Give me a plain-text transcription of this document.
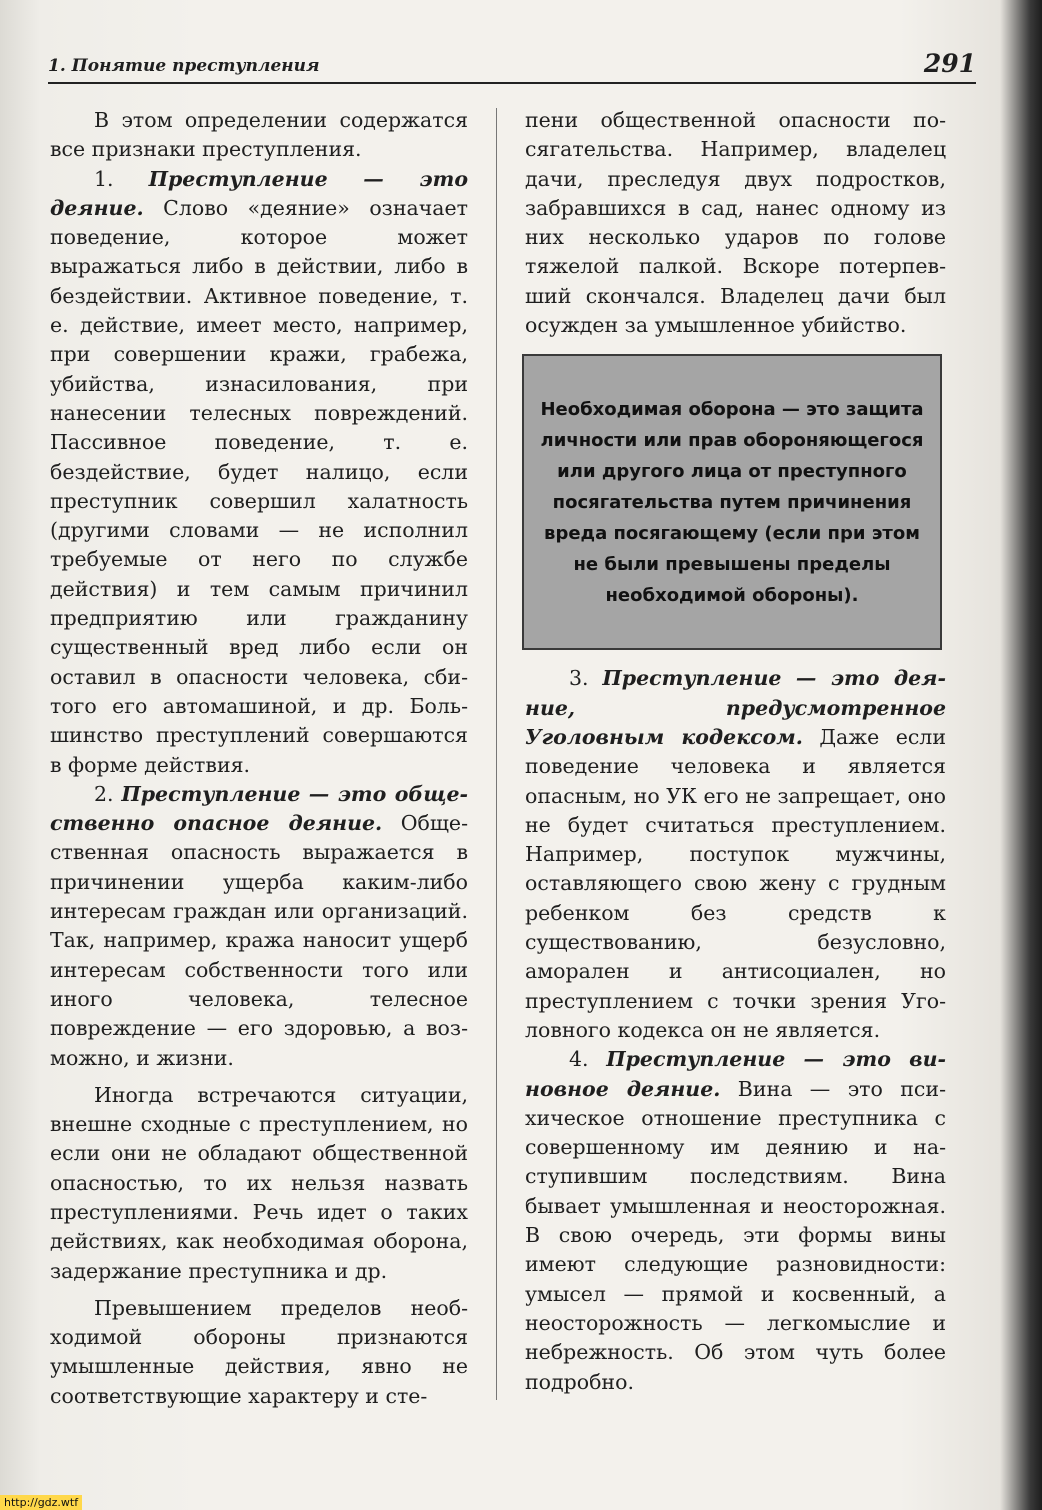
1. Понятие преступления	291

В этом определении содержатся все признаки преступления.

1. Преступление — это деяние. Слово «деяние» означает поведение, которое может выражаться либо в действии, либо в бездействии. Активное поведение, т. е. действие, имеет место, например, при совершении кражи, грабежа, убийства, изнасилования, при нанесении телесных повреждений. Пассивное поведение, т. е. бездействие, будет налицо, если преступник совершил халатность (другими словами — не исполнил требуемые от него по службе действия) и тем самым причинил предприятию или гражданину существенный вред либо если он оставил в опасности человека, сбитого его автомашиной, и др. Большинство преступлений совершаются в форме действия.

2. Преступление — это общественно опасное деяние. Общественная опасность выражается в причинении ущерба каким-либо интересам граждан или организаций. Так, например, кража наносит ущерб интересам собственности того или иного человека, телесное повреждение — его здоровью, а возможно, и жизни.

Иногда встречаются ситуации, внешне сходные с преступлением, но если они не обладают общественной опасностью, то их нельзя назвать преступлениями. Речь идет о таких действиях, как необходимая оборона, задержание преступника и др.

Превышением пределов необходимой обороны признаются умышленные действия, явно не соответствующие характеру и сте-

пени общественной опасности посягательства. Например, владелец дачи, преследуя двух подростков, забравшихся в сад, нанес одному из них несколько ударов по голове тяжелой палкой. Вскоре потерпевший скончался. Владелец дачи был осужден за умышленное убийство.

Необходимая оборона — это защита личности или прав обороняющегося или другого лица от преступного посягательства путем причинения вреда посягающему (если при этом не были превышены пределы необходимой обороны).

3. Преступление — это деяние, предусмотренное Уголовным кодексом. Даже если поведение человека и является опасным, но УК его не запрещает, оно не будет считаться преступлением. Например, поступок мужчины, оставляющего свою жену с грудным ребенком без средств к существованию, безусловно, аморален и антисоциален, но преступлением с точки зрения Уголовного кодекса он не является.

4. Преступление — это виновное деяние. Вина — это психическое отношение преступника с совершенному им деянию и наступившим последствиям. Вина бывает умышленная и неосторожная. В свою очередь, эти формы вины имеют следующие разновидности: умысел — прямой и косвенный, а неосторожность — легкомыслие и небрежность. Об этом чуть более подробно.

http://gdz.wtf
